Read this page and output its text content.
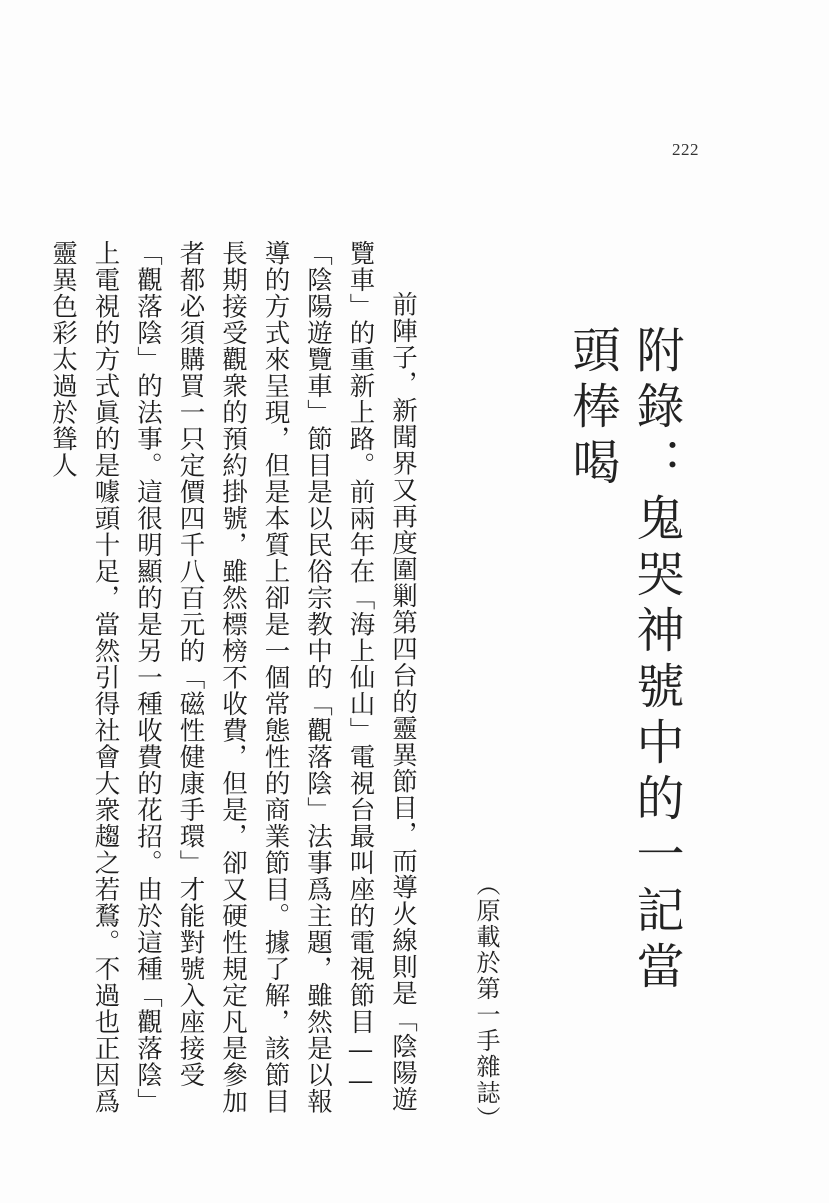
222
附錄：鬼哭神號中的一記當頭棒喝
（原載於第一手雜誌）

前陣子，新聞界又再度圍剿第四台的靈異節目，而導火線則是「陰陽遊覽車」的重新上路。前兩年在「海上仙山」電視台最叫座的電視節目——「陰陽遊覽車」節目是以民俗宗教中的「觀落陰」法事爲主題，雖然是以報導的方式來呈現，但是本質上卻是一個常態性的商業節目。據了解，該節目長期接受觀衆的預約掛號，雖然標榜不收費，但是，卻又硬性規定凡是參加者都必須購買一只定價四千八百元的「磁性健康手環」才能對號入座接受「觀落陰」的法事。這很明顯的是另一種收費的花招。由於這種「觀落陰」上電視的方式眞的是噱頭十足，當然引得社會大衆趨之若鶩。不過也正因爲靈異色彩太過於聳人
